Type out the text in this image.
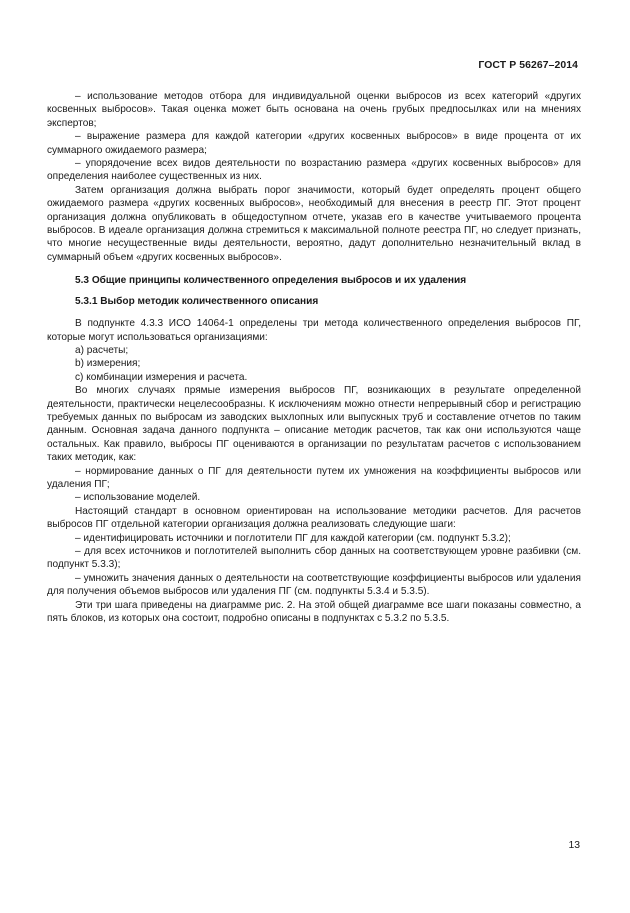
ГОСТ Р 56267–2014

– использование методов отбора для индивидуальной оценки выбросов из всех категорий «других косвенных выбросов». Такая оценка может быть основана на очень грубых предпосылках или на мнениях экспертов;

– выражение размера для каждой категории «других косвенных выбросов» в виде процента от их суммарного ожидаемого размера;

– упорядочение всех видов деятельности по возрастанию размера «других косвенных выбросов» для определения наиболее существенных из них.

Затем организация должна выбрать порог значимости, который будет определять процент общего ожидаемого размера «других косвенных выбросов», необходимый для внесения в реестр ПГ. Этот процент организация должна опубликовать в общедоступном отчете, указав его в качестве учитываемого процента выбросов. В идеале организация должна стремиться к максимальной полноте реестра ПГ, но следует признать, что многие несущественные виды деятельности, вероятно, дадут дополнительно незначительный вклад в суммарный объем «других косвенных выбросов».

5.3 Общие принципы количественного определения выбросов и их удаления
5.3.1 Выбор методик количественного описания

В подпункте 4.3.3 ИСО 14064-1 определены три метода количественного определения выбросов ПГ, которые могут использоваться организациями:

a) расчеты;

b) измерения;

c) комбинации измерения и расчета.

Во многих случаях прямые измерения выбросов ПГ, возникающих в результате определенной деятельности, практически нецелесообразны. К исключениям можно отнести непрерывный сбор и регистрацию требуемых данных по выбросам из заводских выхлопных или выпускных труб и составление отчетов по таким данным. Основная задача данного подпункта – описание методик расчетов, так как они используются чаще остальных. Как правило, выбросы ПГ оцениваются в организации по результатам расчетов с использованием таких методик, как:

– нормирование данных о ПГ для деятельности путем их умножения на коэффициенты выбросов или удаления ПГ;

– использование моделей.

Настоящий стандарт в основном ориентирован на использование методики расчетов. Для расчетов выбросов ПГ отдельной категории организация должна реализовать следующие шаги:

– идентифицировать источники и поглотители ПГ для каждой категории (см. подпункт 5.3.2);

– для всех источников и поглотителей выполнить сбор данных на соответствующем уровне разбивки (см. подпункт 5.3.3);

– умножить значения данных о деятельности на соответствующие коэффициенты выбросов или удаления для получения объемов выбросов или удаления ПГ (см. подпункты 5.3.4 и 5.3.5).

Эти три шага приведены на диаграмме рис. 2. На этой общей диаграмме все шаги показаны совместно, а пять блоков, из которых она состоит, подробно описаны в подпунктах с 5.3.2 по 5.3.5.

13
